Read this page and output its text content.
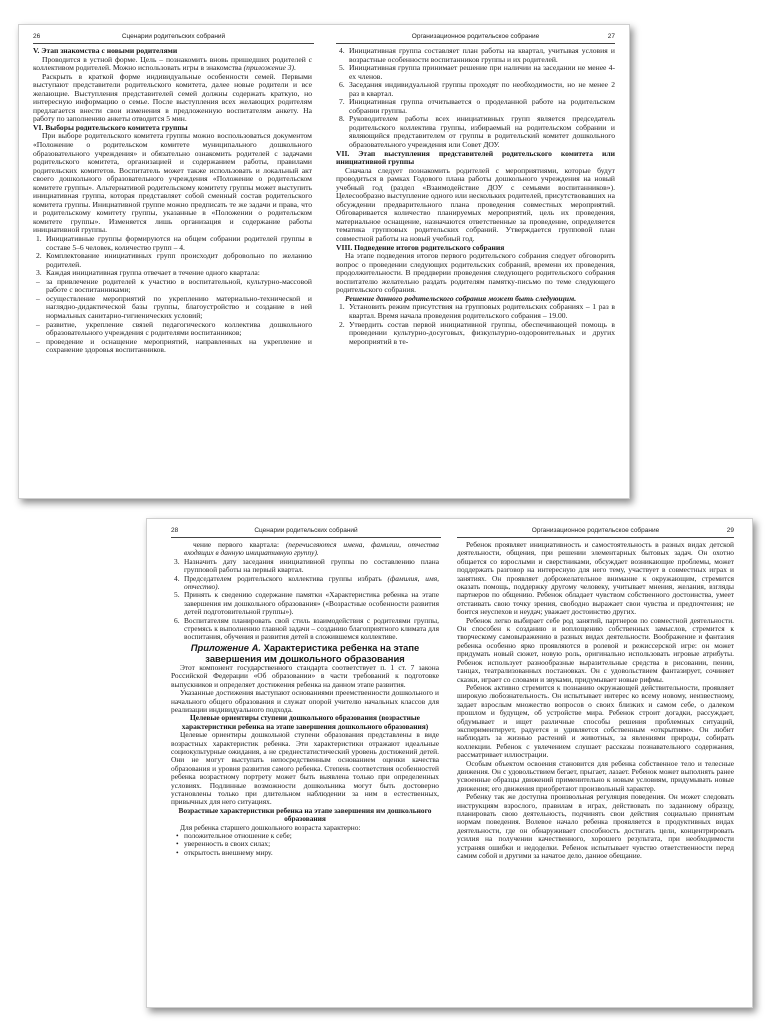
26	Сценарии родительских собраний

V. Этап знакомства с новыми родителями

Проводится в устной форме. Цель – познакомить вновь пришедших родителей с коллективом родителей. Можно использовать игры в знакомства (приложение 3).

Раскрыть в краткой форме индивидуальные особенности семей. Первыми выступают представители родительского комитета, далее новые родители и все желающие. Выступления представителей семей должны содержать краткую, но интересную информацию о семье. После выступления всех желающих родителям предлагается внести свои изменения в предложенную воспитателям анкету. На работу по заполнению анкеты отводится 5 мин.

VI. Выборы родительского комитета группы

При выборе родительского комитета группы можно воспользоваться документом «Положение о родительском комитете муниципального дошкольного образовательного учреждения» и обязательно ознакомить родителей с задачами родительского комитета, организацией и содержанием работы, правилами родительских комитетов. Воспитатель может также использовать и локальный акт своего дошкольного образовательного учреждения «Положение о родительском комитете группы». Альтернативой родительскому комитету группы может выступить инициативная группа, которая представляет собой сменный состав родительского комитета группы. Инициативной группе можно предписать те же задачи и права, что и родительскому комитету группы, указанные в «Положении о родительском комитете группы». Изменяется лишь организация и содержание работы инициативной группы.

1. Инициативные группы формируются на общем собрании родителей группы в составе 5–6 человек, количество групп – 4.
2. Комплектование инициативных групп происходит добровольно по желанию родителей.
3. Каждая инициативная группа отвечает в течение одного квартала:
– за привлечение родителей к участию в воспитательной, культурно-массовой работе с воспитанниками;
– осуществление мероприятий по укреплению материально-технической и наглядно-дидактической базы группы, благоустройство и создание в ней нормальных санитарно-гигиенических условий;
– развитие, укрепление связей педагогического коллектива дошкольного образовательного учреждения с родителями воспитанников;
– проведение и оснащение мероприятий, направленных на укрепление и сохранение здоровья воспитанников.
Организационное родительское собрание	27
4. Инициативная группа составляет план работы на квартал, учитывая условия и возрастные особенности воспитанников группы и их родителей.
5. Инициативная группа принимает решение при наличии на заседании не менее 4-ех членов.
6. Заседания индивидуальной группы проходят по необходимости, но не менее 2 раз в квартал.
7. Инициативная группа отчитывается о проделанной работе на родительском собрании группы.
8. Руководителем работы всех инициативных групп является председатель родительского коллектива группы, избираемый на родительском собрании и являющийся представителем от группы в родительский комитет дошкольного образовательного учреждения или Совет ДОУ.

VII. Этап выступления представителей родительского комитета или инициативной группы

Сначала следует познакомить родителей с мероприятиями, которые будут проводиться в рамках Годового плана работы дошкольного учреждения на новый учебный год (раздел «Взаимодействие ДОУ с семьями воспитанников»). Целесообразно выступление одного или нескольких родителей, присутствовавших на обсуждении предварительного плана проведения совместных мероприятий. Обговаривается количество планируемых мероприятий, цель их проведения, материальное оснащение, назначаются ответственные за проведение, определяется тематика групповых родительских собраний. Утверждается групповой план совместной работы на новый учебный год.

VIII. Подведение итогов родительского собрания

На этапе подведения итогов первого родительского собрания следует обговорить вопрос о проведении следующих родительских собраний, времени их проведения, продолжительности. В преддверии проведения следующего родительского собрания воспитателю желательно раздать родителям памятку-письмо по теме следующего родительского собрания.

Решение данного родительского собрания может быть следующим.

1. Установить режим присутствия на групповых родительских собраниях – 1 раз в квартал. Время начала проведения родительского собрания – 19.00.
2. Утвердить состав первой инициативной группы, обеспечивающей помощь в проведении культурно-досуговых, физкультурно-оздоровительных и других мероприятий в те-
28	Сценарии родительских собраний

чение первого квартала: (перечисляются имена, фамилии, отчества входящих в данную инициативную группу).

3. Назначить дату заседания инициативной группы по составлению плана групповой работы на первый квартал.
4. Председателем родительского коллектива группы избрать (фамилия, имя, отчество).
5. Принять к сведению содержание памятки «Характеристика ребенка на этапе завершения им дошкольного образования» («Возрастные особенности развития детей подготовительной группы»).
6. Воспитателям планировать свой стиль взаимодействия с родителями группы, стремясь к выполнению главной задачи – созданию благоприятного климата для воспитания, обучения и развития детей в сложившемся коллективе.

Приложение А. Характеристика ребенка на этапе завершения им дошкольного образования

Этот компонент государственного стандарта соответствует п. 1 ст. 7 закона Российской Федерации «Об образовании» в части требований к подготовке выпускников и определяет достижения ребенка на данном этапе развития.

Указанные достижения выступают основаниями преемственности дошкольного и начального общего образования и служат опорой учителю начальных классов для реализации индивидуального подхода.

Целевые ориентиры ступени дошкольного образования (возрастные характеристики ребенка на этапе завершения дошкольного образования)

Целевые ориентиры дошкольной ступени образования представлены в виде возрастных характеристик ребенка. Эти характеристики отражают идеальные социокультурные ожидания, а не среднестатистический уровень достижений детей. Они не могут выступать непосредственным основанием оценки качества образования и уровня развития самого ребенка. Степень соответствия особенностей ребенка возрастному портрету может быть выявлена только при определенных условиях. Подлинные возможности дошкольника могут быть достоверно установлены только при длительном наблюдении за ним в естественных, привычных для него ситуациях.

Возрастные характеристики ребенка на этапе завершения им дошкольного образования

Для ребенка старшего дошкольного возраста характерно:

• положительное отношение к себе;
• уверенность в своих силах;
• открытость внешнему миру.
Организационное родительское собрание	29

Ребенок проявляет инициативность и самостоятельность в разных видах детской деятельности, общения, при решении элементарных бытовых задач. Он охотно общается со взрослыми и сверстниками, обсуждает возникающие проблемы, может поддержать разговор на интересную для него тему, участвует в совместных играх и занятиях. Он проявляет доброжелательное внимание к окружающим, стремится оказать помощь, поддержку другому человеку, учитывает мнения, желания, взгляды партнеров по общению. Ребенок обладает чувством собственного достоинства, умеет отстаивать свою точку зрения, свободно выражает свои чувства и предпочтения; не боится неуспехов и неудач; уважает достоинство других.

Ребенок легко выбирает себе род занятий, партнеров по совместной деятельности. Он способен к созданию и воплощению собственных замыслов, стремится к творческому самовыражению в разных видах деятельности. Воображение и фантазия ребенка особенно ярко проявляются в ролевой и режиссерской игре: он может придумать новый сюжет, новую роль, оригинально использовать игровые атрибуты. Ребенок использует разнообразные выразительные средства в рисовании, пении, танцах, театрализованных постановках. Он с удовольствием фантазирует, сочиняет сказки, играет со словами и звуками, придумывает новые рифмы.

Ребенок активно стремится к познанию окружающей действительности, проявляет широкую любознательность. Он испытывает интерес ко всему новому, неизвестному, задает взрослым множество вопросов о своих близких и самом себе, о далеком прошлом и будущем, об устройстве мира. Ребенок строит догадки, рассуждает, обдумывает и ищет различные способы решения проблемных ситуаций, экспериментирует, радуется и удивляется собственным «открытиям». Он любит наблюдать за жизнью растений и животных, за явлениями природы, собирать коллекции. Ребенок с увлечением слушает рассказы познавательного содержания, рассматривает иллюстрации.

Особым объектом освоения становится для ребенка собственное тело и телесные движения. Он с удовольствием бегает, прыгает, лазает. Ребенок может выполнять ранее усвоенные образцы движений применительно к новым условиям, придумывать новые движения; его движения приобретают произвольный характер.

Ребенку так же доступна произвольная регуляция поведения. Он может следовать инструкциям взрослого, правилам в играх, действовать по заданному образцу, планировать свою деятельность, подчинять свои действия социально принятым нормам поведения. Волевое начало ребенка проявляется в продуктивных видах деятельности, где он обнаруживает способность достигать цели, концентрировать усилия на получении качественного, хорошего результата, при необходимости устраняя ошибки и недоделки. Ребенок испытывает чувство ответственности перед самим собой и другими за начатое дело, данное обещание.
